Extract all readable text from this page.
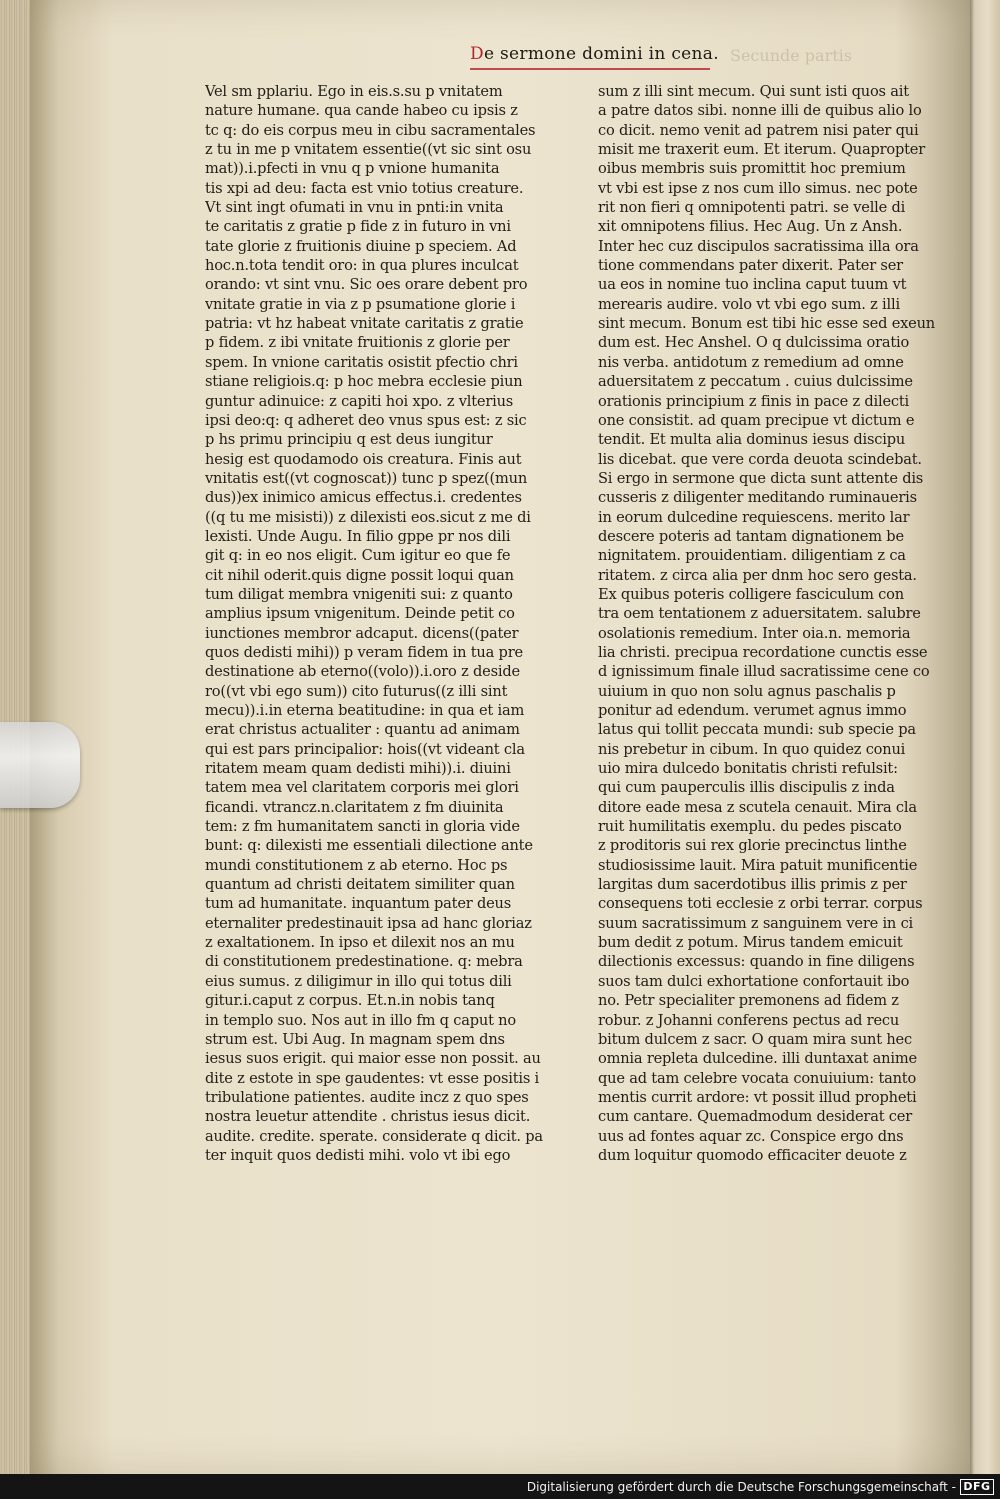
Secunde partis
De sermone domini in cena.
Vel sm pplariu. Ego in eis.s.su p vnitatem
nature humane. qua cande habeo cu ipsis z
tc q: do eis corpus meu in cibu sacramentales
z tu in me p vnitatem essentie((vt sic sint osu
mat)).i.pfecti in vnu q p vnione humanita
tis xpi ad deu: facta est vnio totius creature.
Vt sint ingt ofumati in vnu in pnti:in vnita
te caritatis z gratie p fide z in futuro in vni
tate glorie z fruitionis diuine p speciem. Ad
hoc.n.tota tendit oro: in qua plures inculcat
orando: vt sint vnu. Sic oes orare debent pro
vnitate gratie in via z p psumatione glorie i
patria: vt hz habeat vnitate caritatis z gratie
p fidem. z ibi vnitate fruitionis z glorie per
spem. In vnione caritatis osistit pfectio chri
stiane religiois.q: p hoc mebra ecclesie piun
guntur adinuice: z capiti hoi xpo. z vlterius
ipsi deo:q: q adheret deo vnus spus est: z sic
p hs primu principiu q est deus iungitur
hesig est quodamodo ois creatura. Finis aut
vnitatis est((vt cognoscat)) tunc p spez((mun
dus))ex inimico amicus effectus.i. credentes
((q tu me misisti)) z dilexisti eos.sicut z me di
lexisti. Unde Augu. In filio gppe pr nos dili
git q: in eo nos eligit. Cum igitur eo que fe
cit nihil oderit.quis digne possit loqui quan
tum diligat membra vnigeniti sui: z quanto
amplius ipsum vnigenitum. Deinde petit co
iunctiones membror adcaput. dicens((pater
quos dedisti mihi)) p veram fidem in tua pre
destinatione ab eterno((volo)).i.oro z deside
ro((vt vbi ego sum)) cito futurus((z illi sint
mecu)).i.in eterna beatitudine: in qua et iam
erat christus actualiter : quantu ad animam
qui est pars principalior: hois((vt videant cla
ritatem meam quam dedisti mihi)).i. diuini
tatem mea vel claritatem corporis mei glori
ficandi. vtrancz.n.claritatem z fm diuinita
tem: z fm humanitatem sancti in gloria vide
bunt: q: dilexisti me essentiali dilectione ante
mundi constitutionem z ab eterno. Hoc ps
quantum ad christi deitatem similiter quan
tum ad humanitate. inquantum pater deus
eternaliter predestinauit ipsa ad hanc gloriaz
z exaltationem. In ipso et dilexit nos an mu
di constitutionem predestinatione. q: mebra
eius sumus. z diligimur in illo qui totus dili
gitur.i.caput z corpus. Et.n.in nobis tanq
in templo suo. Nos aut in illo fm q caput no
strum est. Ubi Aug. In magnam spem dns
iesus suos erigit. qui maior esse non possit. au
dite z estote in spe gaudentes: vt esse positis i
tribulatione patientes. audite incz z quo spes
nostra leuetur attendite . christus iesus dicit.
audite. credite. sperate. considerate q dicit. pa
ter inquit quos dedisti mihi. volo vt ibi ego
sum z illi sint mecum. Qui sunt isti quos ait
a patre datos sibi. nonne illi de quibus alio lo
co dicit. nemo venit ad patrem nisi pater qui
misit me traxerit eum. Et iterum. Quapropter
oibus membris suis promittit hoc premium
vt vbi est ipse z nos cum illo simus. nec pote
rit non fieri q omnipotenti patri. se velle di
xit omnipotens filius. Hec Aug. Un z Ansh.
Inter hec cuz discipulos sacratissima illa ora
tione commendans pater dixerit. Pater ser
ua eos in nomine tuo inclina caput tuum vt
merearis audire. volo vt vbi ego sum. z illi
sint mecum. Bonum est tibi hic esse sed exeun
dum est. Hec Anshel. O q dulcissima oratio
nis verba. antidotum z remedium ad omne
aduersitatem z peccatum . cuius dulcissime
orationis principium z finis in pace z dilecti
one consistit. ad quam precipue vt dictum e
tendit. Et multa alia dominus iesus discipu
lis dicebat. que vere corda deuota scindebat.
Si ergo in sermone que dicta sunt attente dis
cusseris z diligenter meditando ruminaueris
in eorum dulcedine requiescens. merito lar
descere poteris ad tantam dignationem be
nignitatem. prouidentiam. diligentiam z ca
ritatem. z circa alia per dnm hoc sero gesta.
Ex quibus poteris colligere fasciculum con
tra oem tentationem z aduersitatem. salubre
osolationis remedium. Inter oia.n. memoria
lia christi. precipua recordatione cunctis esse
d ignissimum finale illud sacratissime cene co
uiuium in quo non solu agnus paschalis p
ponitur ad edendum. verumet agnus immo
latus qui tollit peccata mundi: sub specie pa
nis prebetur in cibum. In quo quidez conui
uio mira dulcedo bonitatis christi refulsit:
qui cum pauperculis illis discipulis z inda
ditore eade mesa z scutela cenauit. Mira cla
ruit humilitatis exemplu. du pedes piscato
z proditoris sui rex glorie precinctus linthe
studiosissime lauit. Mira patuit munificentie
largitas dum sacerdotibus illis primis z per
consequens toti ecclesie z orbi terrar. corpus
suum sacratissimum z sanguinem vere in ci
bum dedit z potum. Mirus tandem emicuit
dilectionis excessus: quando in fine diligens
suos tam dulci exhortatione confortauit ibo
no. Petr specialiter premonens ad fidem z
robur. z Johanni conferens pectus ad recu
bitum dulcem z sacr. O quam mira sunt hec
omnia repleta dulcedine. illi duntaxat anime
que ad tam celebre vocata conuiuium: tanto
mentis currit ardore: vt possit illud propheti
cum cantare. Quemadmodum desiderat cer
uus ad fontes aquar zc. Conspice ergo dns
dum loquitur quomodo efficaciter deuote z
Digitalisierung gefördert durch die Deutsche Forschungsgemeinschaft - DFG
